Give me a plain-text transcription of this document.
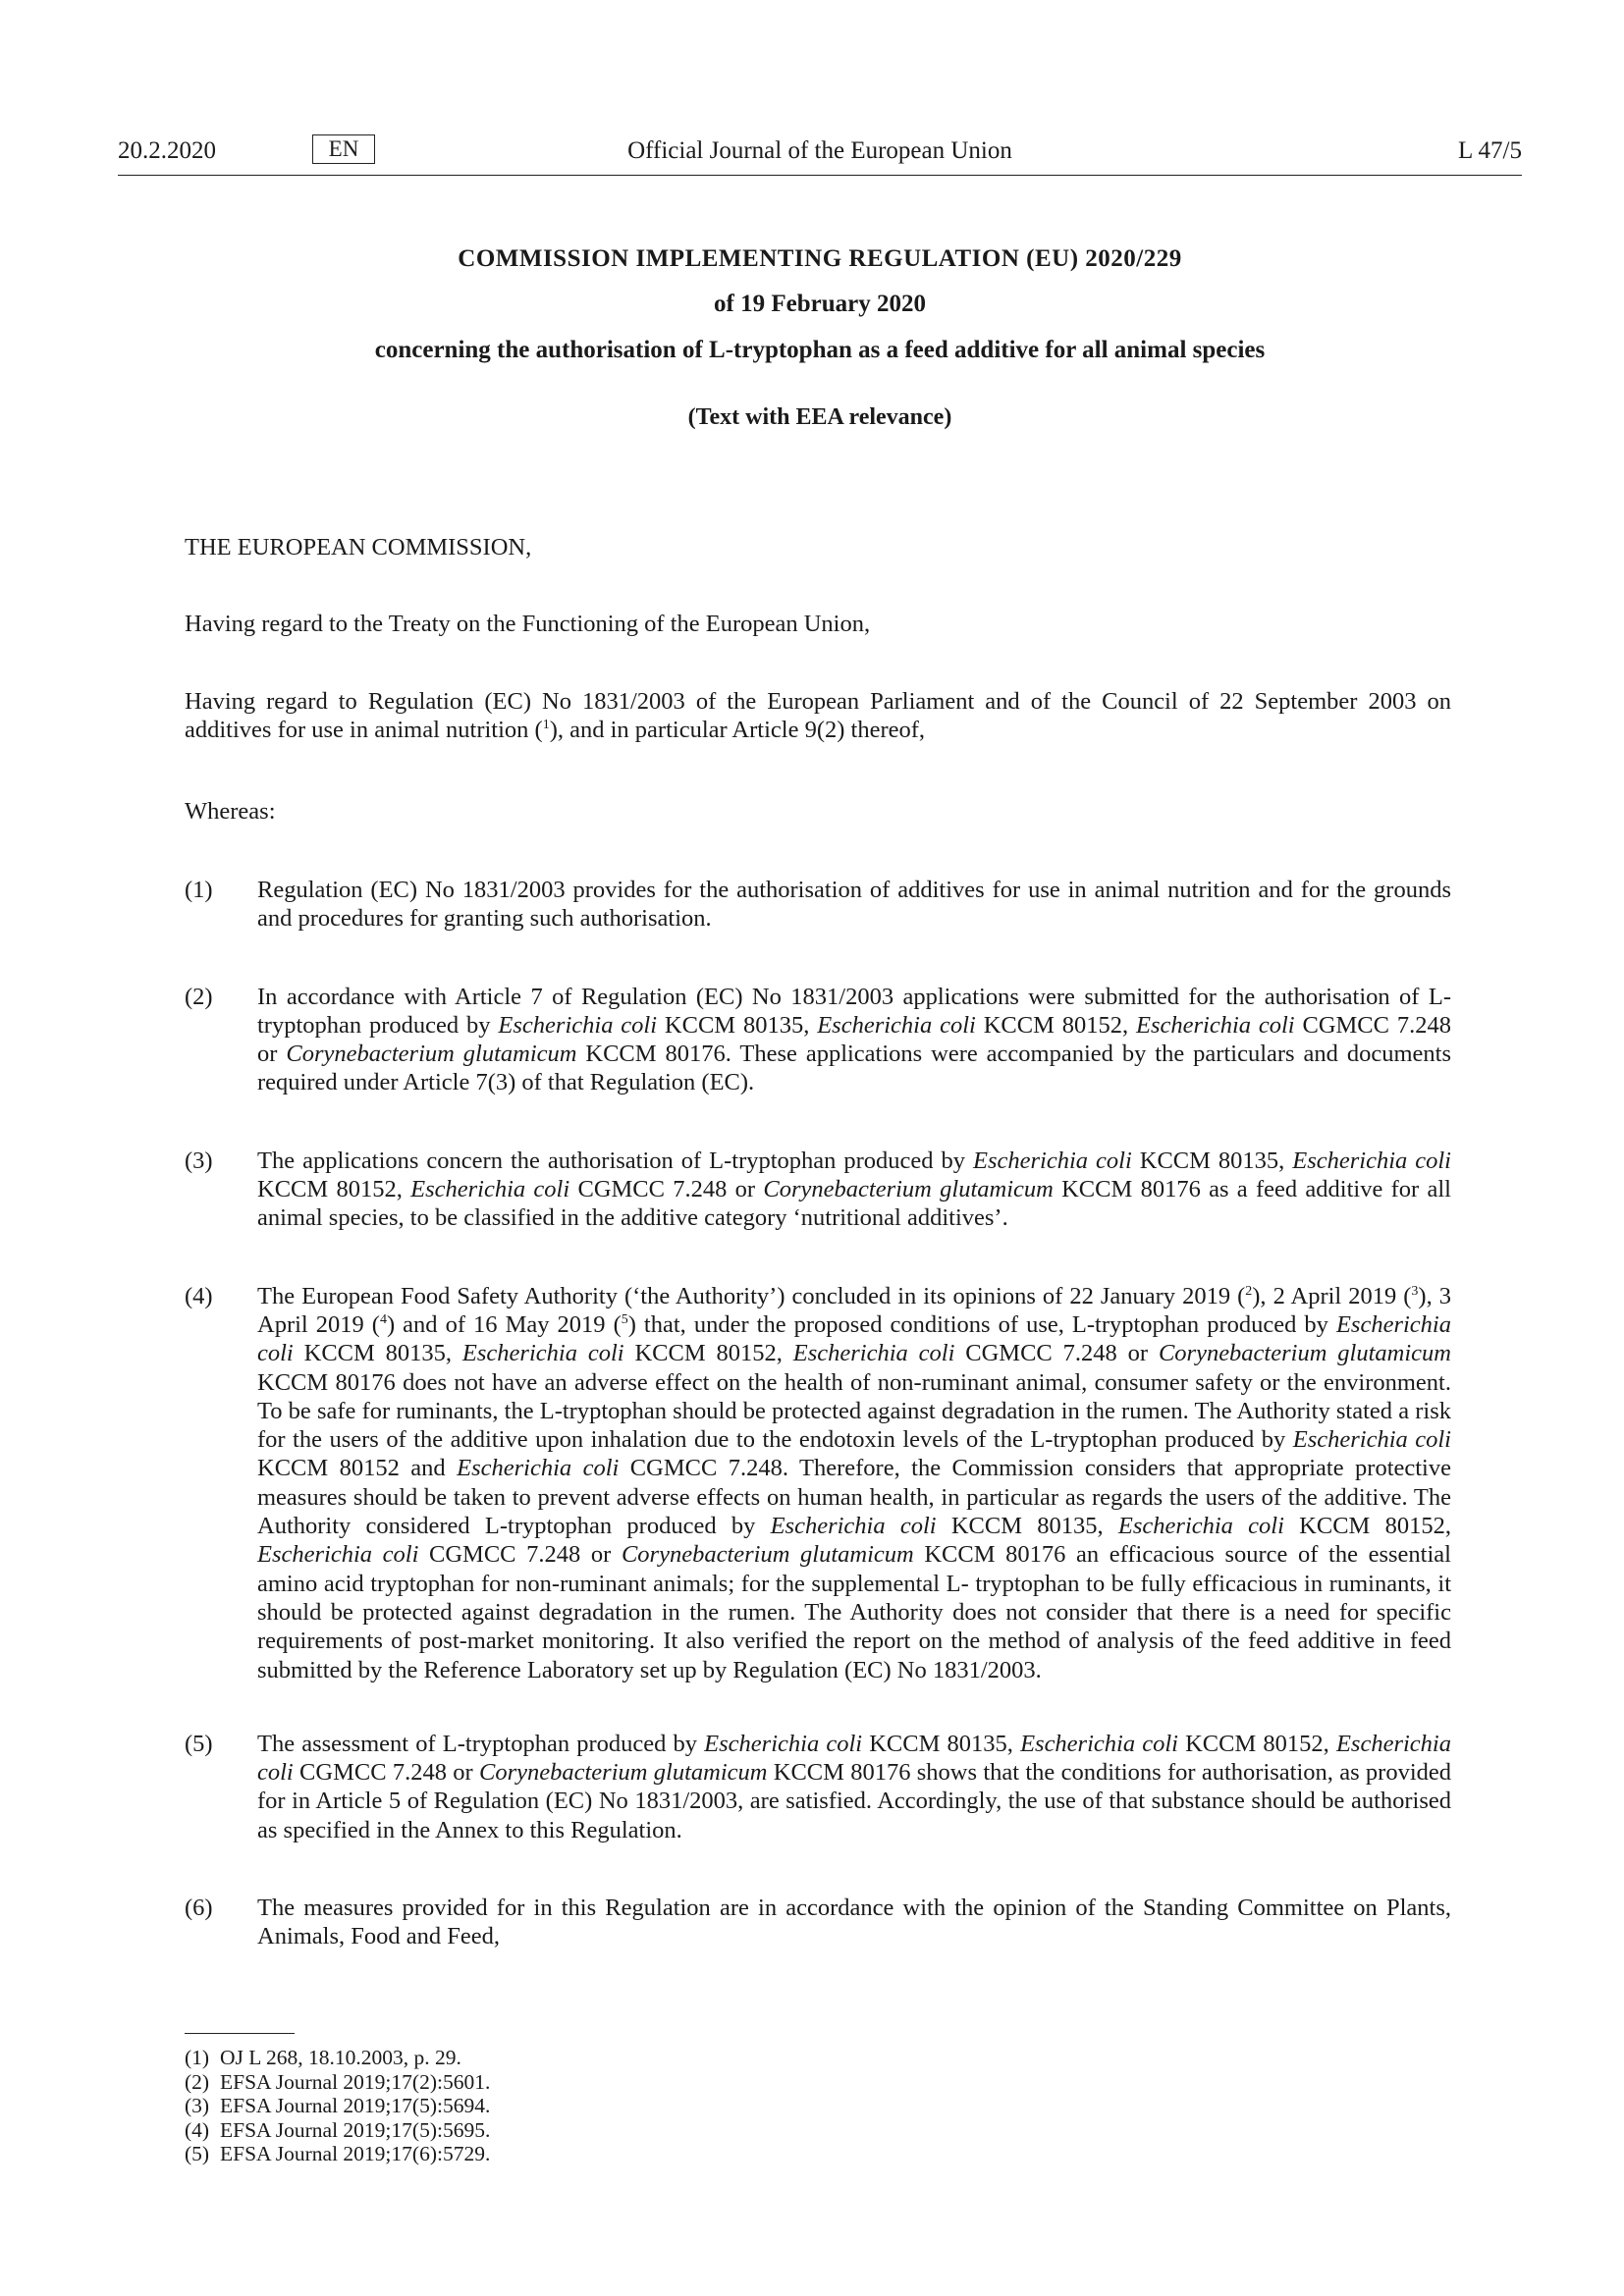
20.2.2020	Official Journal of the European Union
EN	L 47/5
COMMISSION IMPLEMENTING REGULATION (EU) 2020/229
of 19 February 2020
concerning the authorisation of L-tryptophan as a feed additive for all animal species
(Text with EEA relevance)
THE EUROPEAN COMMISSION,
Having regard to the Treaty on the Functioning of the European Union,
Having regard to Regulation (EC) No 1831/2003 of the European Parliament and of the Council of 22 September 2003 on additives for use in animal nutrition ($^1$), and in particular Article 9(2) thereof,
Whereas:
(1) Regulation (EC) No 1831/2003 provides for the authorisation of additives for use in animal nutrition and for the grounds and procedures for granting such authorisation.
(2) In accordance with Article 7 of Regulation (EC) No 1831/2003 applications were submitted for the authorisation of L-tryptophan produced by Escherichia coli KCCM 80135, Escherichia coli KCCM 80152, Escherichia coli CGMCC 7.248 or Corynebacterium glutamicum KCCM 80176. These applications were accompanied by the particulars and documents required under Article 7(3) of that Regulation (EC).
(3) The applications concern the authorisation of L-tryptophan produced by Escherichia coli KCCM 80135, Escherichia coli KCCM 80152, Escherichia coli CGMCC 7.248 or Corynebacterium glutamicum KCCM 80176 as a feed additive for all animal species, to be classified in the additive category ‘nutritional additives’.
(4) The European Food Safety Authority (‘the Authority’) concluded in its opinions of 22 January 2019 ($^2$), 2 April 2019 ($^3$), 3 April 2019 ($^4$) and of 16 May 2019 ($^5$) that, under the proposed conditions of use, L-tryptophan produced by Escherichia coli KCCM 80135, Escherichia coli KCCM 80152, Escherichia coli CGMCC 7.248 or Corynebacterium glutamicum KCCM 80176 does not have an adverse effect on the health of non-ruminant animal, consumer safety or the environment. To be safe for ruminants, the L-tryptophan should be protected against degradation in the rumen. The Authority stated a risk for the users of the additive upon inhalation due to the endotoxin levels of the L-tryptophan produced by Escherichia coli KCCM 80152 and Escherichia coli CGMCC 7.248. Therefore, the Commission considers that appropriate protective measures should be taken to prevent adverse effects on human health, in particular as regards the users of the additive. The Authority considered L-tryptophan produced by Escherichia coli KCCM 80135, Escherichia coli KCCM 80152, Escherichia coli CGMCC 7.248 or Corynebacterium glutamicum KCCM 80176 an efficacious source of the essential amino acid tryptophan for non-ruminant animals; for the supplemental L- tryptophan to be fully efficacious in ruminants, it should be protected against degradation in the rumen. The Authority does not consider that there is a need for specific requirements of post-market monitoring. It also verified the report on the method of analysis of the feed additive in feed submitted by the Reference Laboratory set up by Regulation (EC) No 1831/2003.
(5) The assessment of L-tryptophan produced by Escherichia coli KCCM 80135, Escherichia coli KCCM 80152, Escherichia coli CGMCC 7.248 or Corynebacterium glutamicum KCCM 80176 shows that the conditions for authorisation, as provided for in Article 5 of Regulation (EC) No 1831/2003, are satisfied. Accordingly, the use of that substance should be authorised as specified in the Annex to this Regulation.
(6) The measures provided for in this Regulation are in accordance with the opinion of the Standing Committee on Plants, Animals, Food and Feed,
(1) OJ L 268, 18.10.2003, p. 29.
(2) EFSA Journal 2019;17(2):5601.
(3) EFSA Journal 2019;17(5):5694.
(4) EFSA Journal 2019;17(5):5695.
(5) EFSA Journal 2019;17(6):5729.
